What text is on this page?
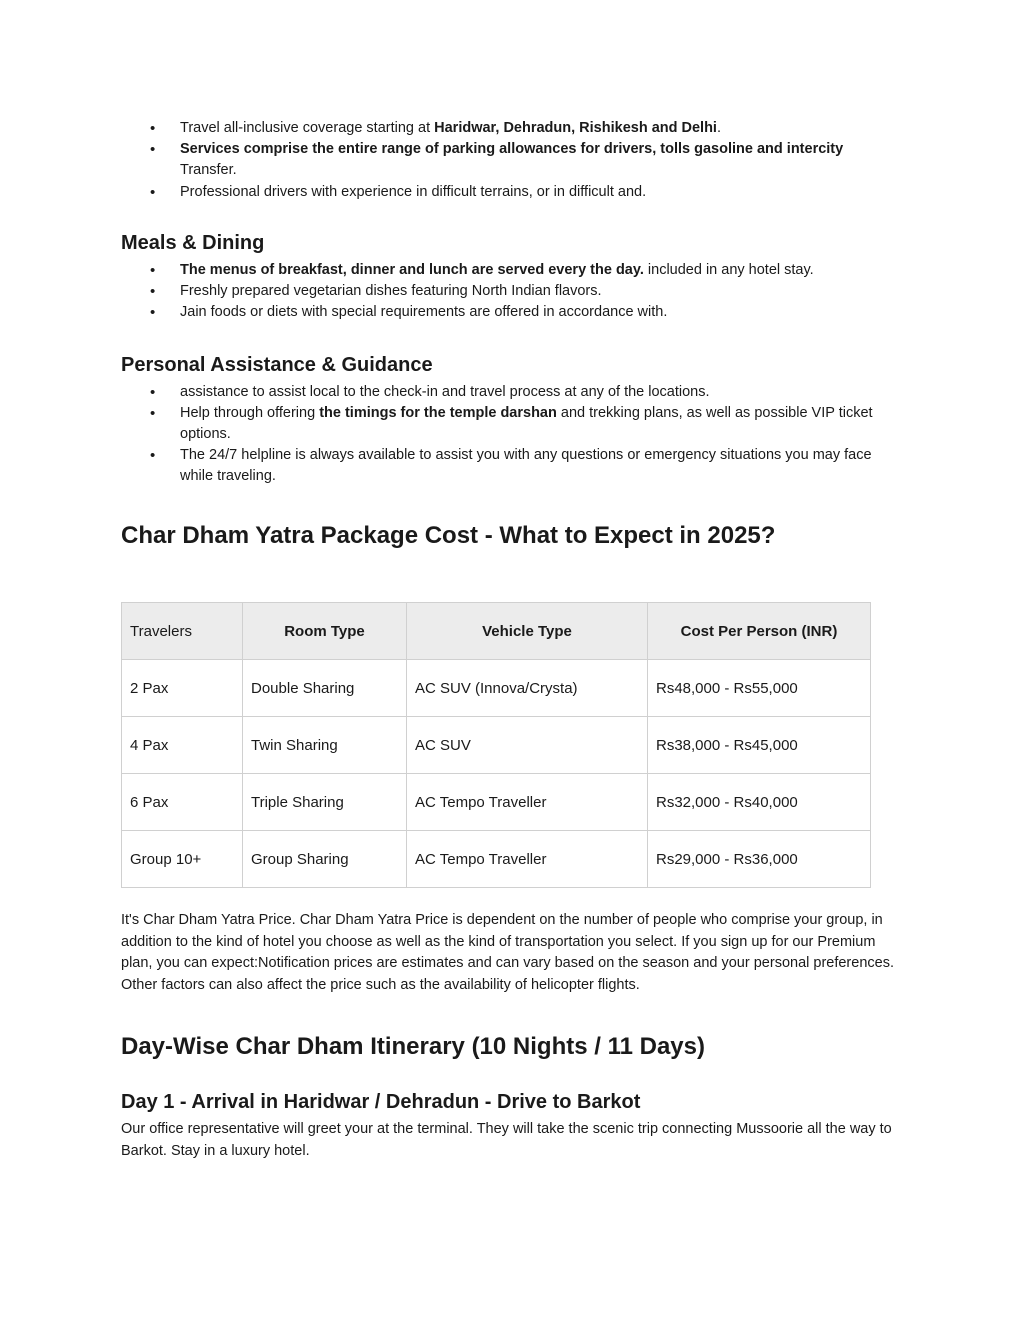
• Travel all-inclusive coverage starting at Haridwar, Dehradun, Rishikesh and Delhi.
• Services comprise the entire range of parking allowances for drivers, tolls gasoline and intercity Transfer.
• Professional drivers with experience in difficult terrains, or in difficult and.
Meals & Dining
• The menus of breakfast, dinner and lunch are served every the day. included in any hotel stay.
• Freshly prepared vegetarian dishes featuring North Indian flavors.
• Jain foods or diets with special requirements are offered in accordance with.
Personal Assistance & Guidance
• assistance to assist local to the check-in and travel process at any of the locations.
• Help through offering the timings for the temple darshan and trekking plans, as well as possible VIP ticket options.
• The 24/7 helpline is always available to assist you with any questions or emergency situations you may face while traveling.
Char Dham Yatra Package Cost - What to Expect in 2025?
Travelers	Room Type	Vehicle Type	Cost Per Person (INR)
2 Pax	Double Sharing	AC SUV (Innova/Crysta)	Rs48,000 - Rs55,000
4 Pax	Twin Sharing	AC SUV	Rs38,000 - Rs45,000
6 Pax	Triple Sharing	AC Tempo Traveller	Rs32,000 - Rs40,000
Group 10+	Group Sharing	AC Tempo Traveller	Rs29,000 - Rs36,000

It's Char Dham Yatra Price. Char Dham Yatra Price is dependent on the number of people who comprise your group, in addition to the kind of hotel you choose as well as the kind of transportation you select. If you sign up for our Premium plan, you can expect:Notification prices are estimates and can vary based on the season and your personal preferences. Other factors can also affect the price such as the availability of helicopter flights.

Day-Wise Char Dham Itinerary (10 Nights / 11 Days)
Day 1 - Arrival in Haridwar / Dehradun - Drive to Barkot

Our office representative will greet your at the terminal. They will take the scenic trip connecting Mussoorie all the way to Barkot. Stay in a luxury hotel.
